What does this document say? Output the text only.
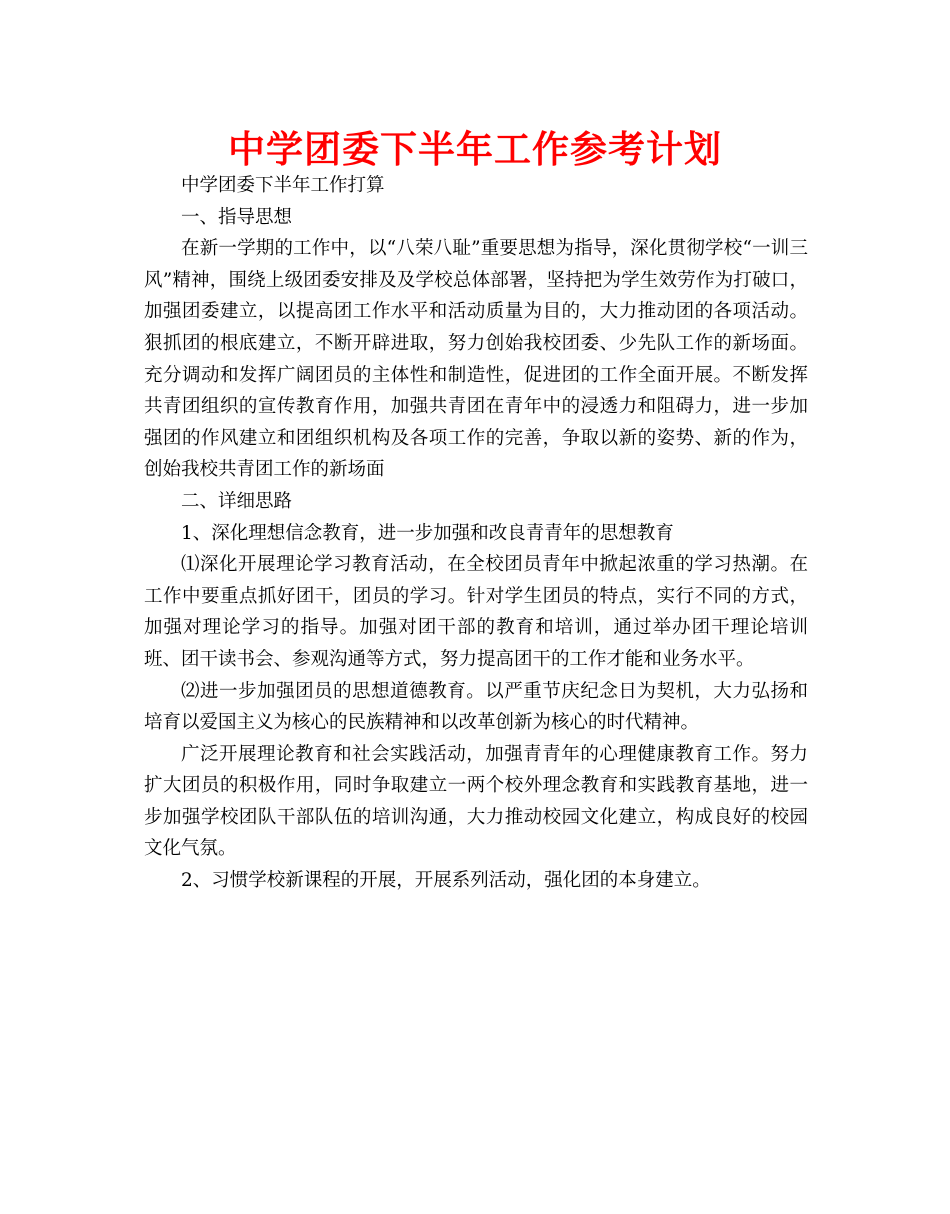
中学团委下半年工作参考计划

中学团委下半年工作打算

一、指导思想

在新一学期的工作中，以“八荣八耻”重要思想为指导，深化贯彻学校“一训三风”精神，围绕上级团委安排及及学校总体部署，坚持把为学生效劳作为打破口，加强团委建立，以提高团工作水平和活动质量为目的，大力推动团的各项活动。狠抓团的根底建立，不断开辟进取，努力创始我校团委、少先队工作的新场面。充分调动和发挥广阔团员的主体性和制造性，促进团的工作全面开展。不断发挥共青团组织的宣传教育作用，加强共青团在青年中的浸透力和阻碍力，进一步加强团的作风建立和团组织机构及各项工作的完善，争取以新的姿势、新的作为，创始我校共青团工作的新场面

二、详细思路

1、深化理想信念教育，进一步加强和改良青青年的思想教育

⑴深化开展理论学习教育活动，在全校团员青年中掀起浓重的学习热潮。在工作中要重点抓好团干，团员的学习。针对学生团员的特点，实行不同的方式，加强对理论学习的指导。加强对团干部的教育和培训，通过举办团干理论培训班、团干读书会、参观沟通等方式，努力提高团干的工作才能和业务水平。

⑵进一步加强团员的思想道德教育。以严重节庆纪念日为契机，大力弘扬和培育以爱国主义为核心的民族精神和以改革创新为核心的时代精神。

广泛开展理论教育和社会实践活动，加强青青年的心理健康教育工作。努力扩大团员的积极作用，同时争取建立一两个校外理念教育和实践教育基地，进一步加强学校团队干部队伍的培训沟通，大力推动校园文化建立，构成良好的校园文化气氛。

2、习惯学校新课程的开展，开展系列活动，强化团的本身建立。
